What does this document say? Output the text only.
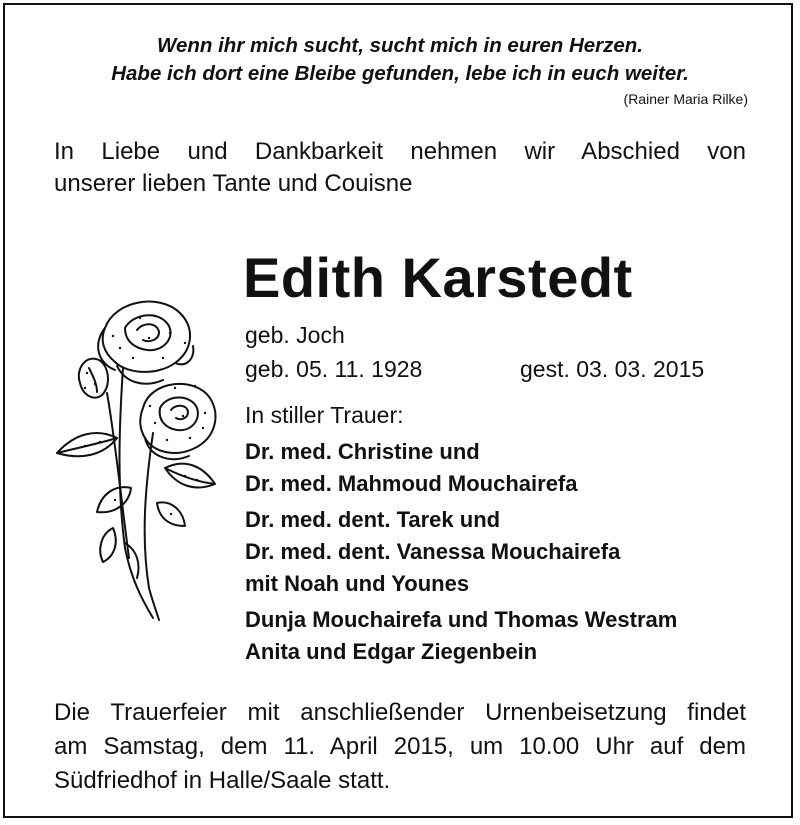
Wenn ihr mich sucht, sucht mich in euren Herzen.
Habe ich dort eine Bleibe gefunden, lebe ich in euch weiter.
(Rainer Maria Rilke)
In Liebe und Dankbarkeit nehmen wir Abschied von
unserer lieben Tante und Couisne
Edith Karstedt
geb. Joch
geb. 05. 11. 1928	gest. 03. 03. 2015
In stiller Trauer:
Dr. med. Christine und
Dr. med. Mahmoud Mouchairefa
Dr. med. dent. Tarek und
Dr. med. dent. Vanessa Mouchairefa
mit Noah und Younes
Dunja Mouchairefa und Thomas Westram
Anita und Edgar Ziegenbein
Die Trauerfeier mit anschließender Urnenbeisetzung findet
am Samstag, dem 11. April 2015, um 10.00 Uhr auf dem
Südfriedhof in Halle/Saale statt.
